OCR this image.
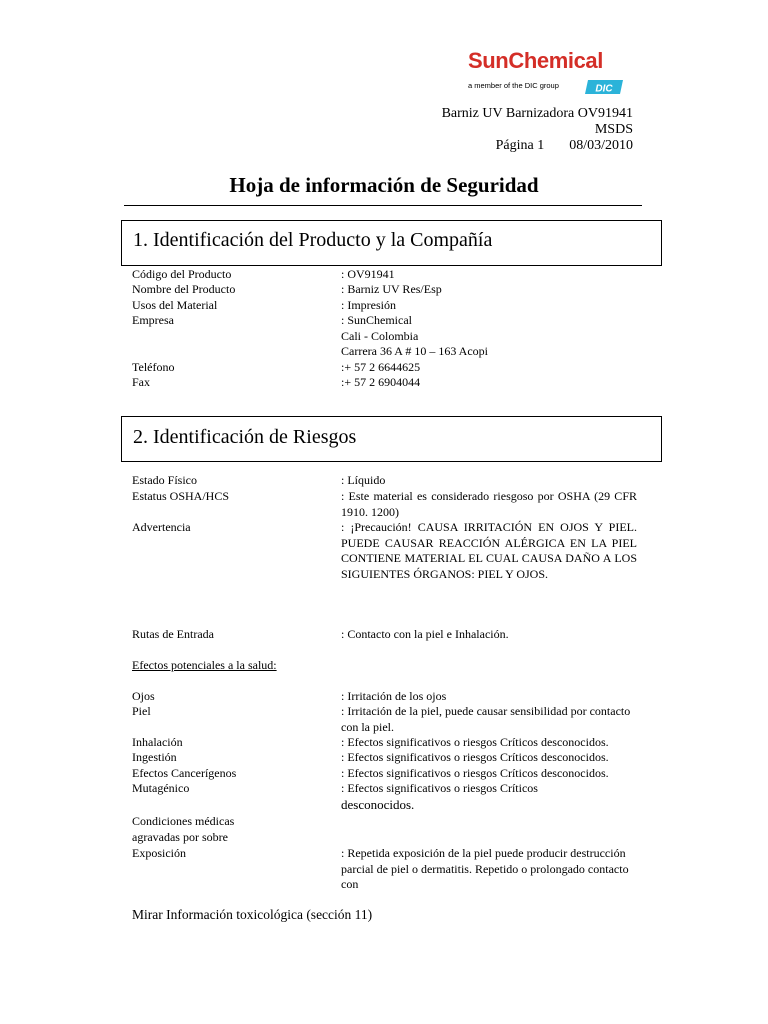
SunChemical
a member of the DIC group	DIC
Barniz UV Barnizadora OV91941
MSDS
Página 1 08/03/2010
Hoja de información de Seguridad
1. Identificación del Producto y la Compañía
Código del Producto	: OV91941
Nombre del Producto	: Barniz UV Res/Esp
Usos del Material	: Impresión
Empresa	: SunChemical
Cali - Colombia
Carrera 36 A # 10 – 163 Acopi
Teléfono	:+ 57 2 6644625
Fax	:+ 57 2 6904044
2. Identificación de Riesgos
Estado Físico	: Líquido
Estatus OSHA/HCS	: Este material es considerado riesgoso por OSHA (29 CFR 1910. 1200)
Advertencia	: ¡Precaución! CAUSA IRRITACIÓN EN OJOS Y PIEL. PUEDE CAUSAR REACCIÓN ALÉRGICA EN LA PIEL CONTIENE MATERIAL EL CUAL CAUSA DAÑO A LOS SIGUIENTES ÓRGANOS: PIEL Y OJOS.
Rutas de Entrada	: Contacto con la piel e Inhalación.
Efectos potenciales a la salud:
Ojos	: Irritación de los ojos
Piel	: Irritación de la piel, puede causar sensibilidad por contacto con la piel.
Inhalación	: Efectos significativos o riesgos Críticos desconocidos.
Ingestión	: Efectos significativos o riesgos Críticos desconocidos.
Efectos Cancerígenos	: Efectos significativos o riesgos Críticos desconocidos.
Mutagénico	: Efectos significativos o riesgos Críticos
desconocidos.
Condiciones médicas
agravadas por sobre
Exposición	: Repetida exposición de la piel puede producir destrucción parcial de piel o dermatitis. Repetido o prolongado contacto con
Mirar Información toxicológica (sección 11)
